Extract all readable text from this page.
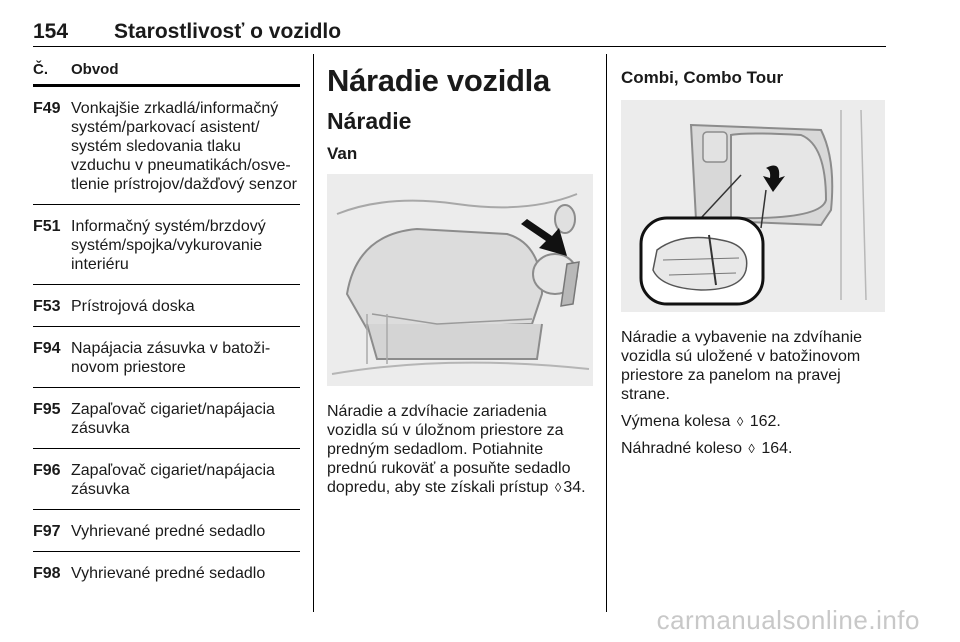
154 Starostlivosť o vozidlo
Č.	Obvod
F49 Vonkajšie zrkadlá/informačný systém/parkovací asistent/ systém sledovania tlaku vzduchu v pneumatikách/osve- tlenie prístrojov/dažďový senzor
F51 Informačný systém/brzdový systém/spojka/vykurovanie interiéru
F53 Prístrojová doska
F94 Napájacia zásuvka v batoži- novom priestore
F95 Zapaľovač cigariet/napájacia zásuvka
F96 Zapaľovač cigariet/napájacia zásuvka
F97 Vyhrievané predné sedadlo
F98 Vyhrievané predné sedadlo
Náradie vozidla
Náradie
Van

Náradie a zdvíhacie zariadenia vozidla sú v úložnom priestore za predným sedadlom. Potiahnite prednú rukoväť a posuňte sedadlo dopredu, aby ste získali prístup ◊ 34.

Combi, Combo Tour

Náradie a vybavenie na zdvíhanie vozidla sú uložené v batožinovom priestore za panelom na pravej strane.

Výmena kolesa ◊ 162.

Náhradné koleso ◊ 164.

carmanualsonline.info
